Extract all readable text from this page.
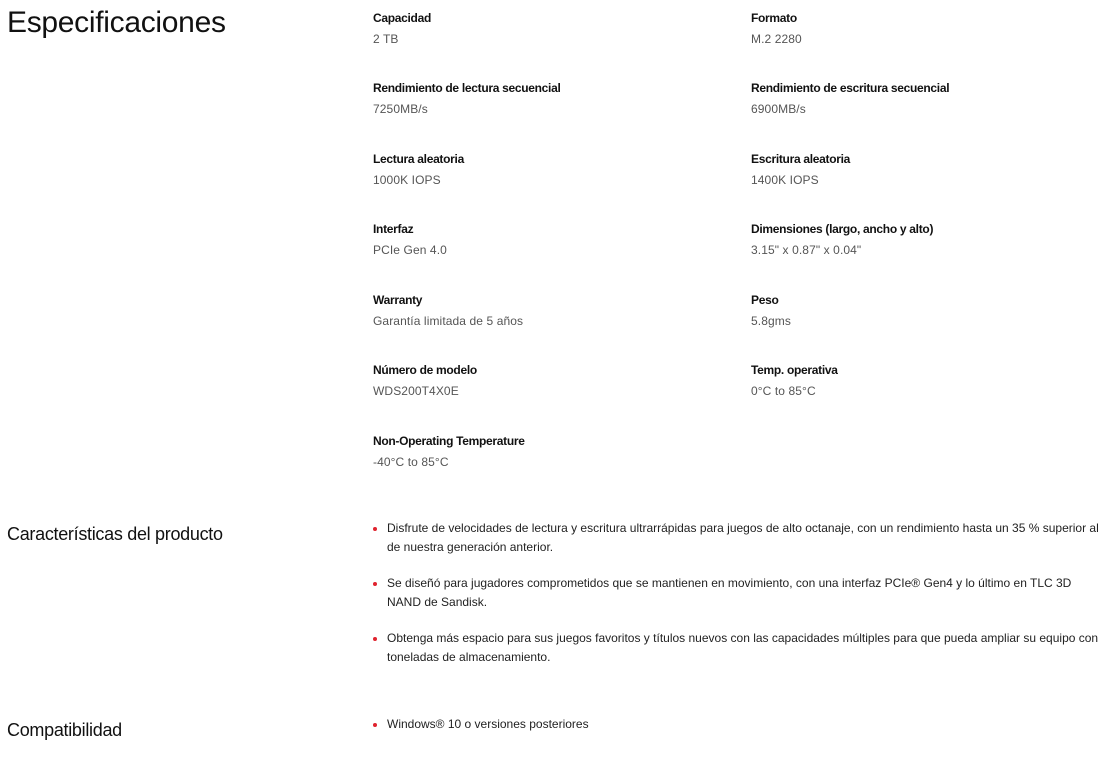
Especificaciones	Capacidad
2 TB
Formato
M.2 2280
Rendimiento de lectura secuencial
7250MB/s
Rendimiento de escritura secuencial
6900MB/s
Lectura aleatoria
1000K IOPS
Escritura aleatoria
1400K IOPS
Interfaz
PCIe Gen 4.0
Dimensiones (largo, ancho y alto)
3.15" x 0.87" x 0.04"
Warranty
Garantía limitada de 5 años
Peso
5.8gms
Número de modelo
WDS200T4X0E
Temp. operativa
0°C to 85°C
Non-Operating Temperature
-40°C to 85°C
Características del producto	Disfrute de velocidades de lectura y escritura ultrarrápidas para juegos de alto octanaje, con un rendimiento hasta un 35 % superior al de nuestra generación anterior.
Se diseñó para jugadores comprometidos que se mantienen en movimiento, con una interfaz PCIe® Gen4 y lo último en TLC 3D NAND de Sandisk.
Obtenga más espacio para sus juegos favoritos y títulos nuevos con las capacidades múltiples para que pueda ampliar su equipo con toneladas de almacenamiento.
Compatibilidad	Windows® 10 o versiones posteriores
